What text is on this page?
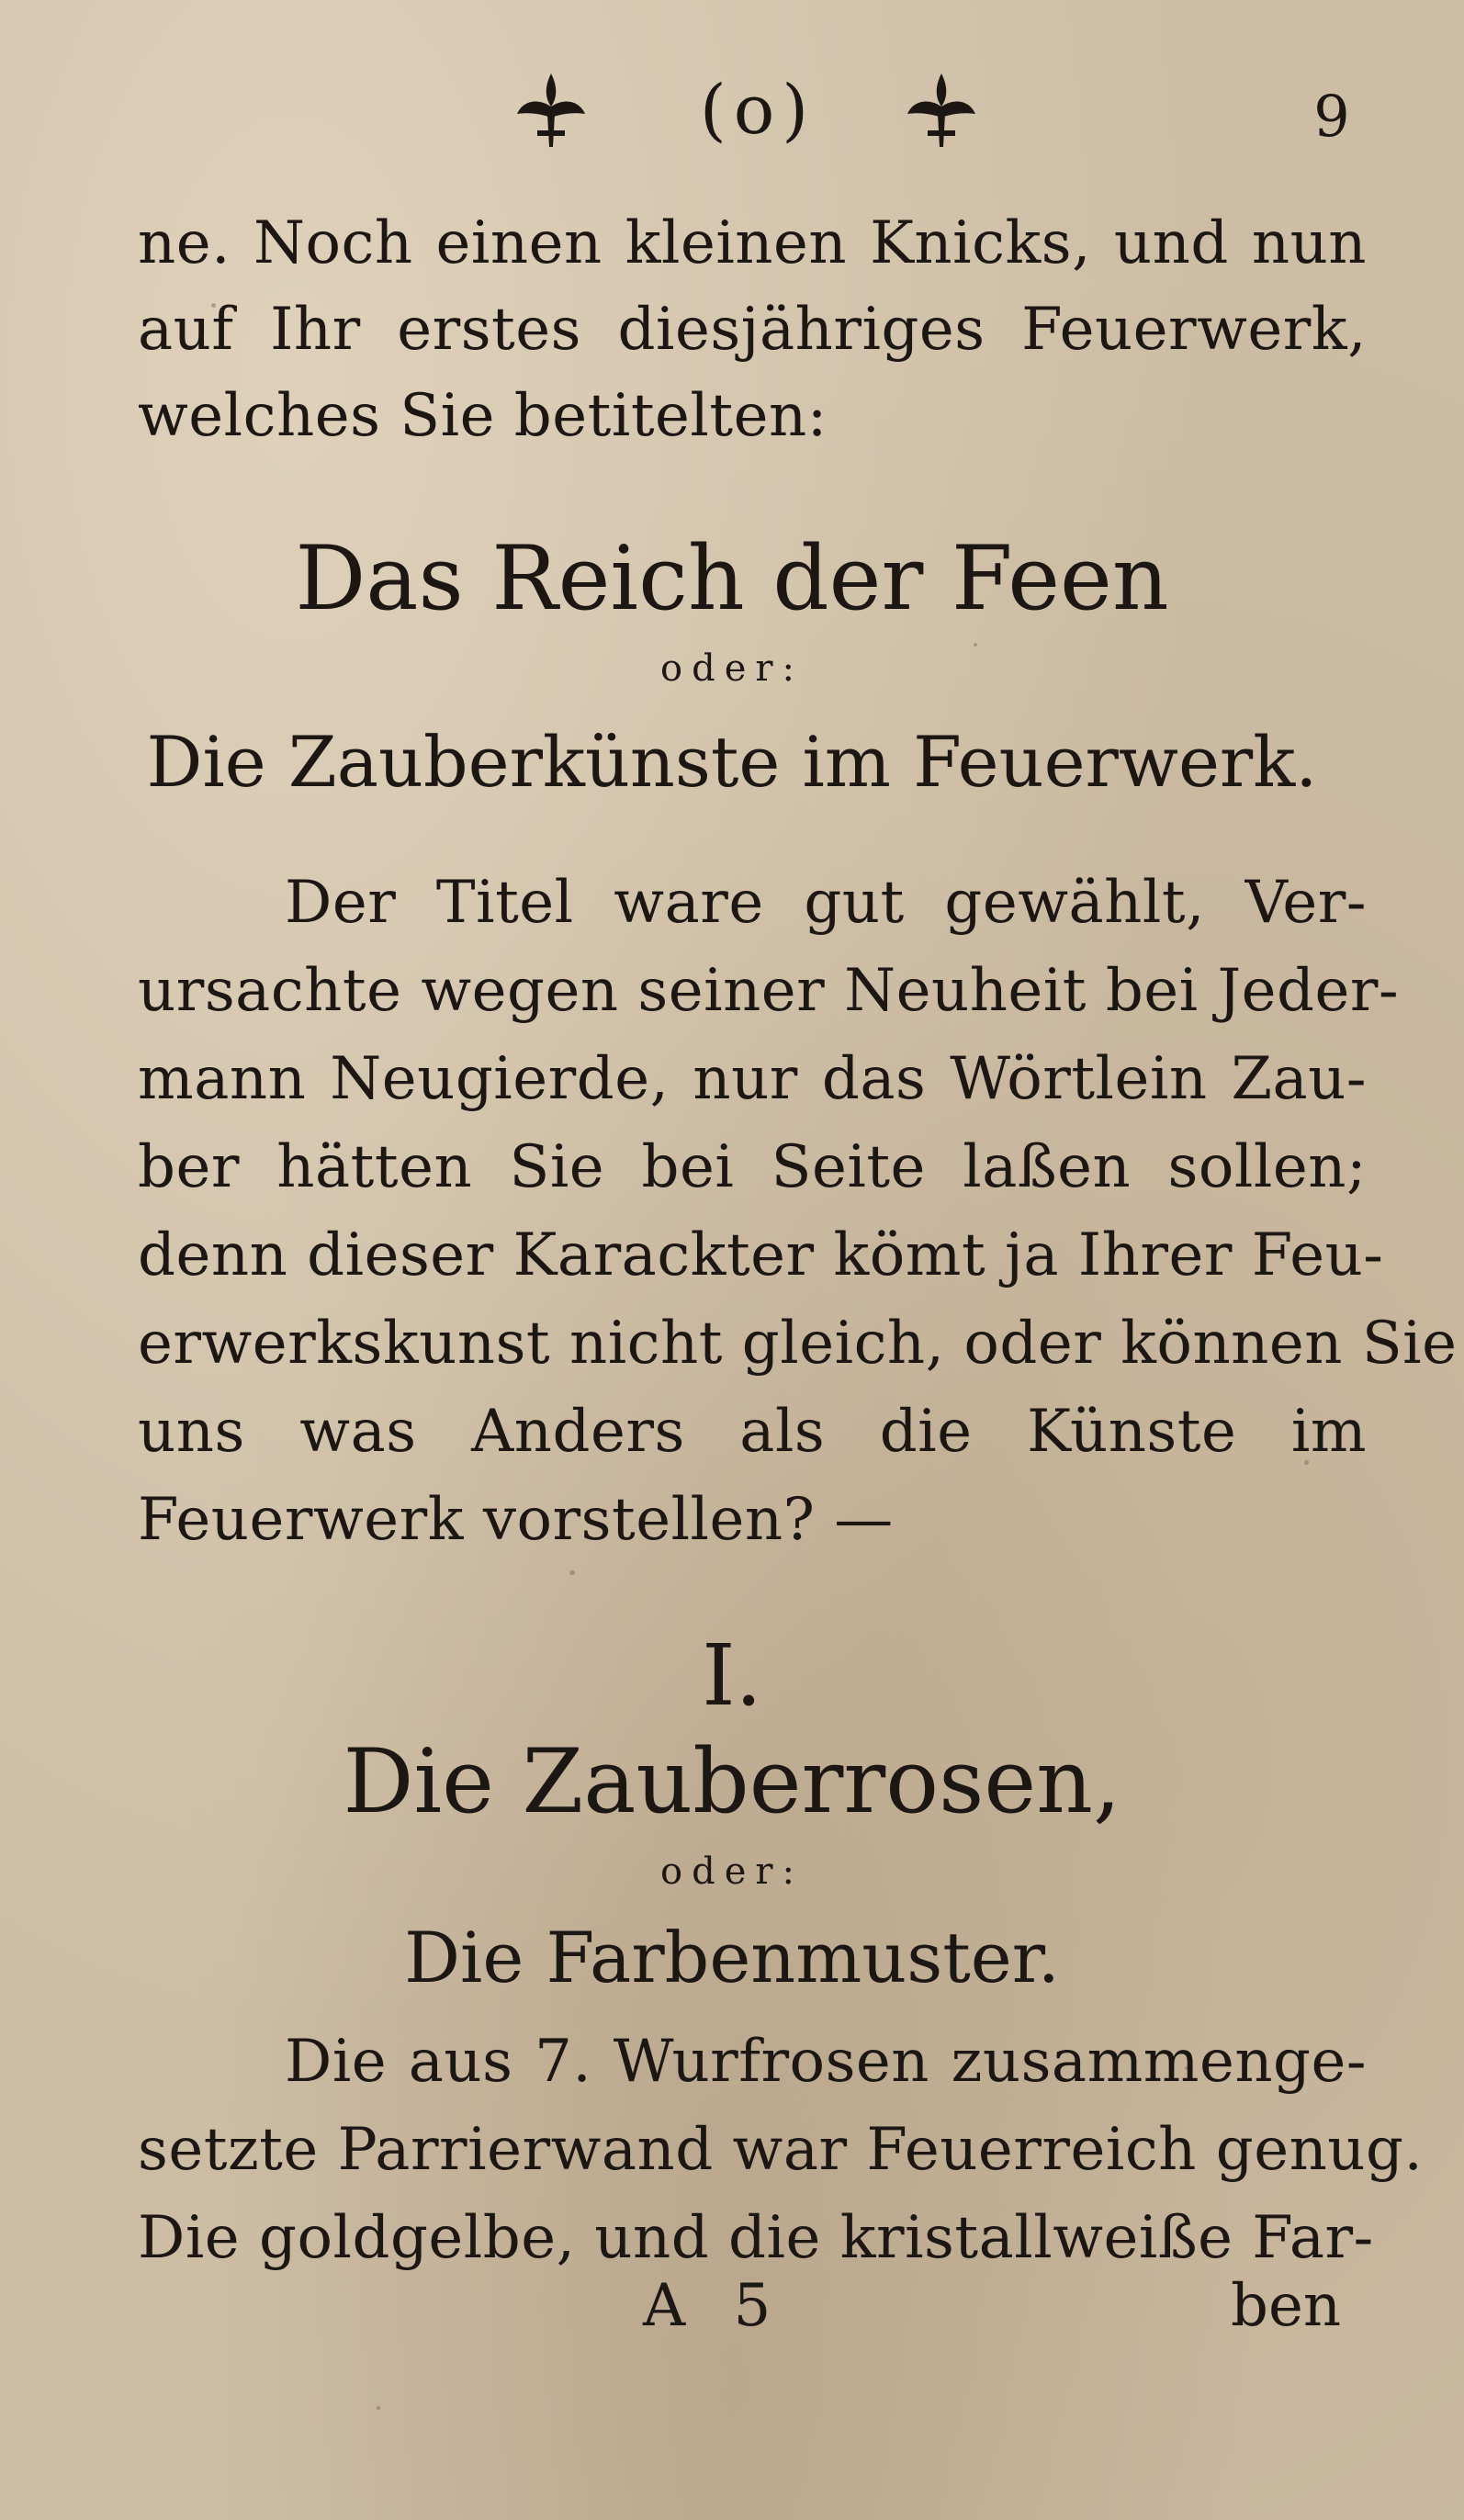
(o)	9
ne. Noch einen kleinen Knicks, und nun
auf Ihr erstes diesjähriges Feuerwerk,
welches Sie betitelten:
Das Reich der Feen
oder:
Die Zauberkünste im Feuerwerk.
Der Titel ware gut gewählt, Ver-
ursachte wegen seiner Neuheit bei Jeder-
mann Neugierde, nur das Wörtlein Zau-
ber hätten Sie bei Seite laßen sollen;
denn dieser Karackter kömt ja Ihrer Feu-
erwerkskunst nicht gleich, oder können Sie
uns was Anders als die Künste im
Feuerwerk vorstellen? —
I.
Die Zauberrosen,
oder:
Die Farbenmuster.
Die aus 7. Wurfrosen zusammenge-
setzte Parrierwand war Feuerreich genug.
Die goldgelbe, und die kristallweiße Far-
A 5	ben
